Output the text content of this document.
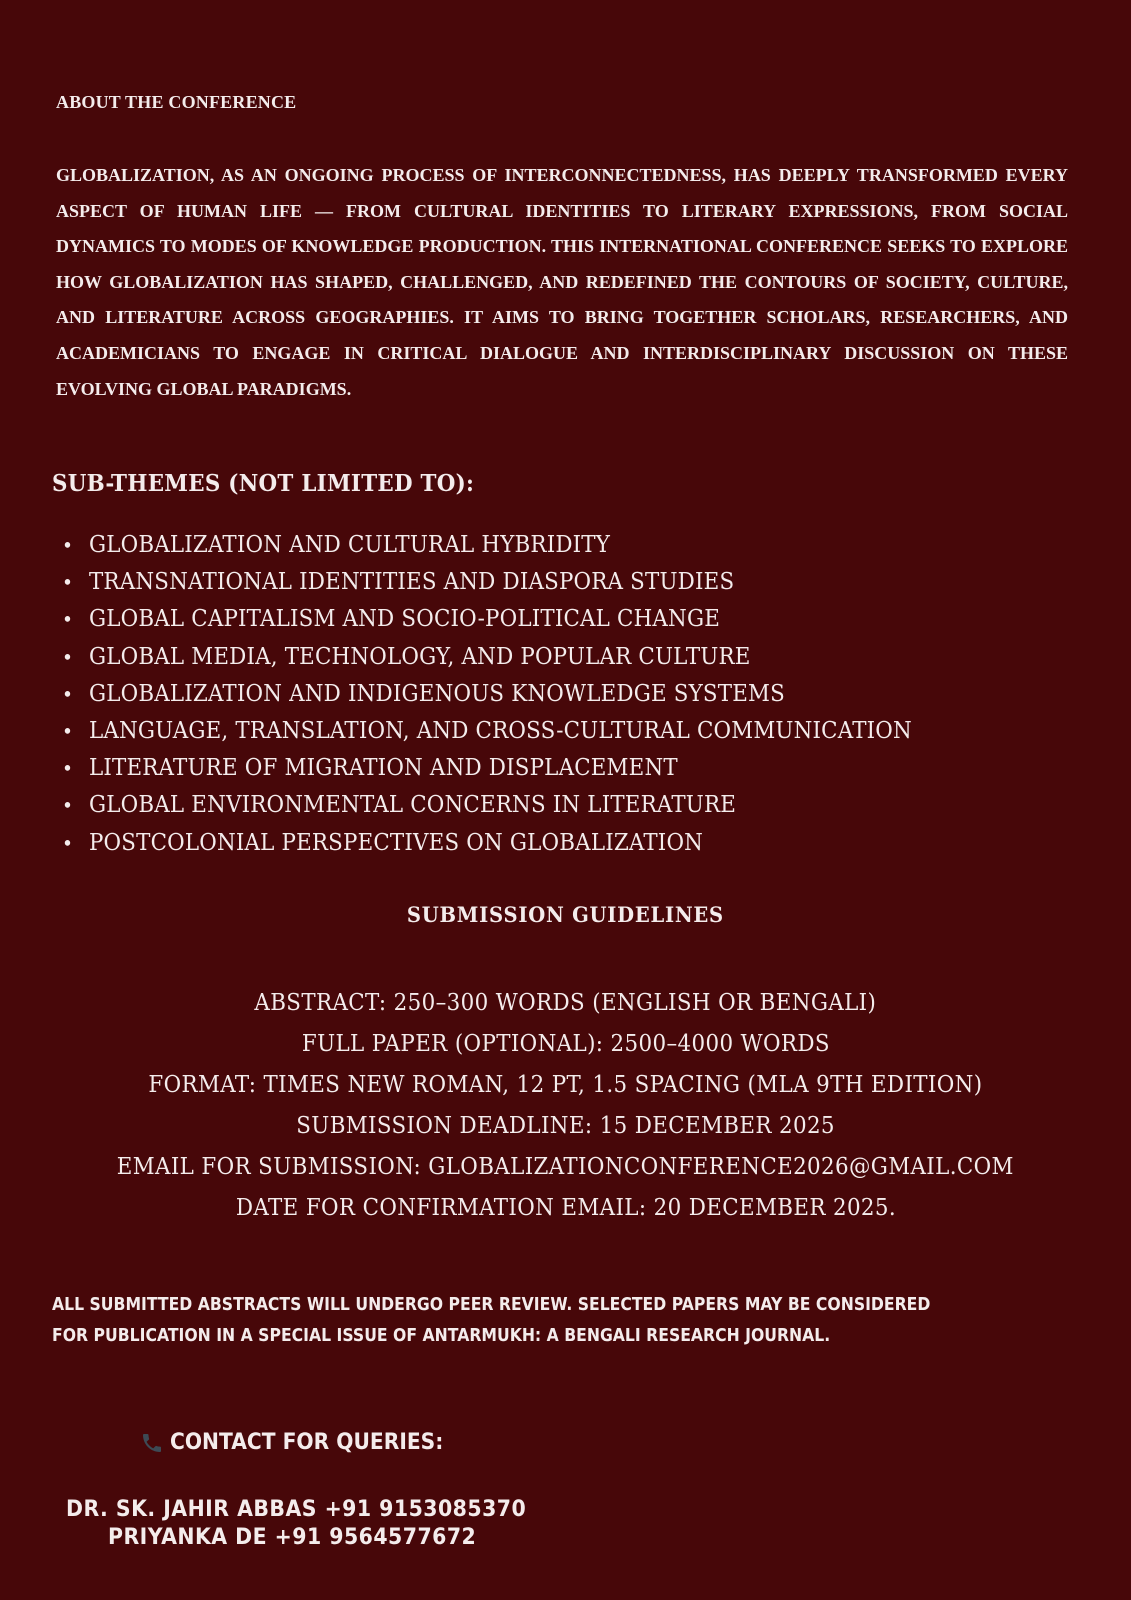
ABOUT THE CONFERENCE

GLOBALIZATION, AS AN ONGOING PROCESS OF INTERCONNECTEDNESS, HAS DEEPLY TRANSFORMED EVERY ASPECT OF HUMAN LIFE — FROM CULTURAL IDENTITIES TO LITERARY EXPRESSIONS, FROM SOCIAL DYNAMICS TO MODES OF KNOWLEDGE PRODUCTION. THIS INTERNATIONAL CONFERENCE SEEKS TO EXPLORE HOW GLOBALIZATION HAS SHAPED, CHALLENGED, AND REDEFINED THE CONTOURS OF SOCIETY, CULTURE, AND LITERATURE ACROSS GEOGRAPHIES. IT AIMS TO BRING TOGETHER SCHOLARS, RESEARCHERS, AND ACADEMICIANS TO ENGAGE IN CRITICAL DIALOGUE AND INTERDISCIPLINARY DISCUSSION ON THESE EVOLVING GLOBAL PARADIGMS.

SUB-THEMES (NOT LIMITED TO):
• GLOBALIZATION AND CULTURAL HYBRIDITY
• TRANSNATIONAL IDENTITIES AND DIASPORA STUDIES
• GLOBAL CAPITALISM AND SOCIO-POLITICAL CHANGE
• GLOBAL MEDIA, TECHNOLOGY, AND POPULAR CULTURE
• GLOBALIZATION AND INDIGENOUS KNOWLEDGE SYSTEMS
• LANGUAGE, TRANSLATION, AND CROSS-CULTURAL COMMUNICATION
• LITERATURE OF MIGRATION AND DISPLACEMENT
• GLOBAL ENVIRONMENTAL CONCERNS IN LITERATURE
• POSTCOLONIAL PERSPECTIVES ON GLOBALIZATION
SUBMISSION GUIDELINES
ABSTRACT: 250–300 WORDS (ENGLISH OR BENGALI)
FULL PAPER (OPTIONAL): 2500–4000 WORDS
FORMAT: TIMES NEW ROMAN, 12 PT, 1.5 SPACING (MLA 9TH EDITION)
SUBMISSION DEADLINE: 15 DECEMBER 2025
EMAIL FOR SUBMISSION: GLOBALIZATIONCONFERENCE2026@GMAIL.COM
DATE FOR CONFIRMATION EMAIL: 20 DECEMBER 2025.
ALL SUBMITTED ABSTRACTS WILL UNDERGO PEER REVIEW. SELECTED PAPERS MAY BE CONSIDERED
FOR PUBLICATION IN A SPECIAL ISSUE OF ANTARMUKH: A BENGALI RESEARCH JOURNAL.
CONTACT FOR QUERIES:
DR. SK. JAHIR ABBAS +91 9153085370
PRIYANKA DE +91 9564577672
